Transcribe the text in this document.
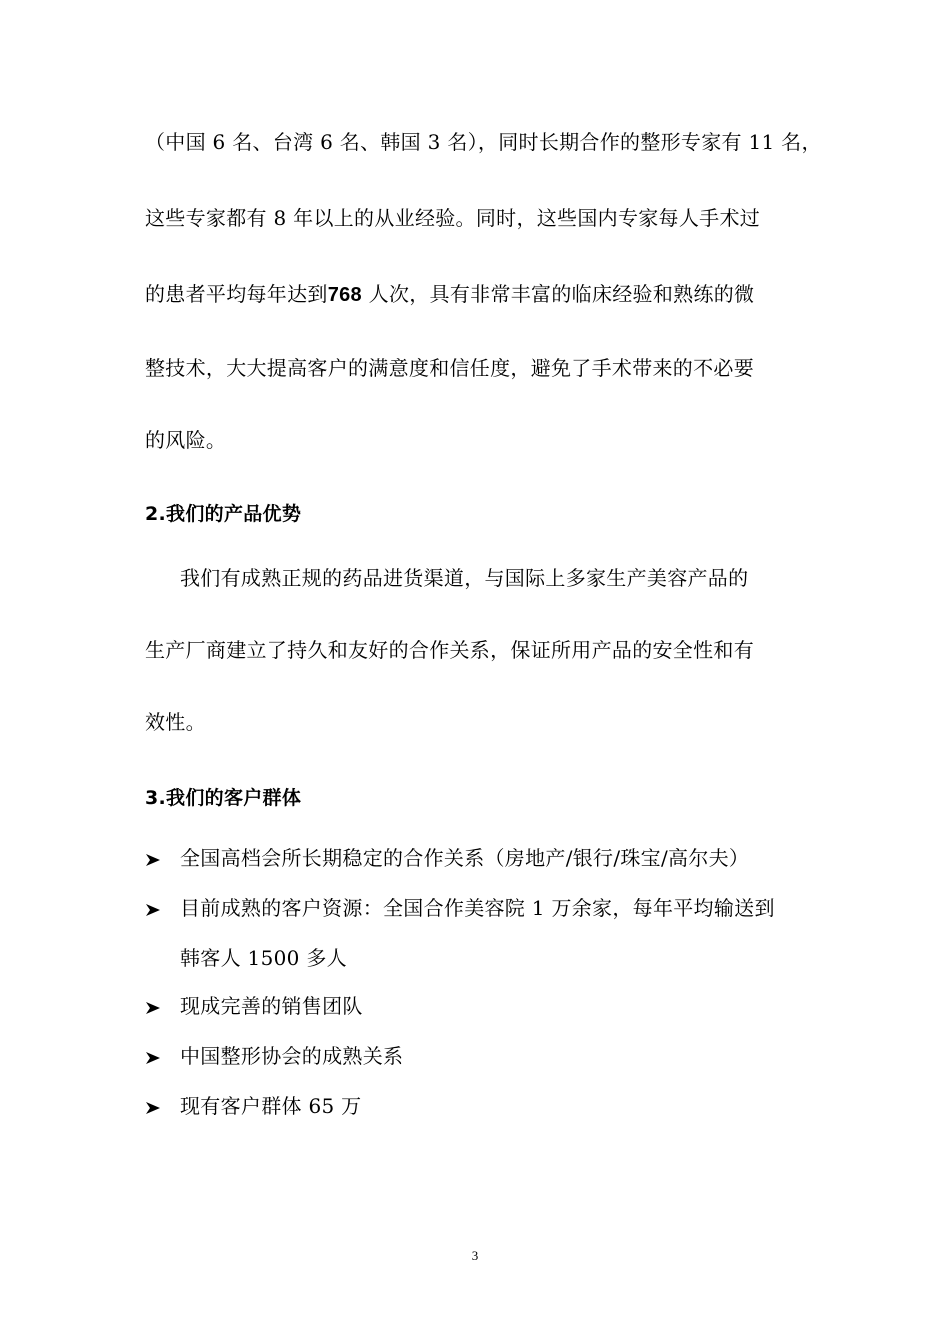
（中国 6 名、台湾 6 名、韩国 3 名），同时长期合作的整形专家有 11 名，
这些专家都有 8 年以上的从业经验。同时，这些国内专家每人手术过
的患者平均每年达到768 人次，具有非常丰富的临床经验和熟练的微
整技术，大大提高客户的满意度和信任度，避免了手术带来的不必要
的风险。
2.我们的产品优势
我们有成熟正规的药品进货渠道，与国际上多家生产美容产品的
生产厂商建立了持久和友好的合作关系，保证所用产品的安全性和有
效性。
3.我们的客户群体
全国高档会所长期稳定的合作关系（房地产/银行/珠宝/高尔夫）
目前成熟的客户资源：全国合作美容院 1 万余家，每年平均输送到
韩客人 1500 多人
现成完善的销售团队
中国整形协会的成熟关系
现有客户群体 65 万
3
